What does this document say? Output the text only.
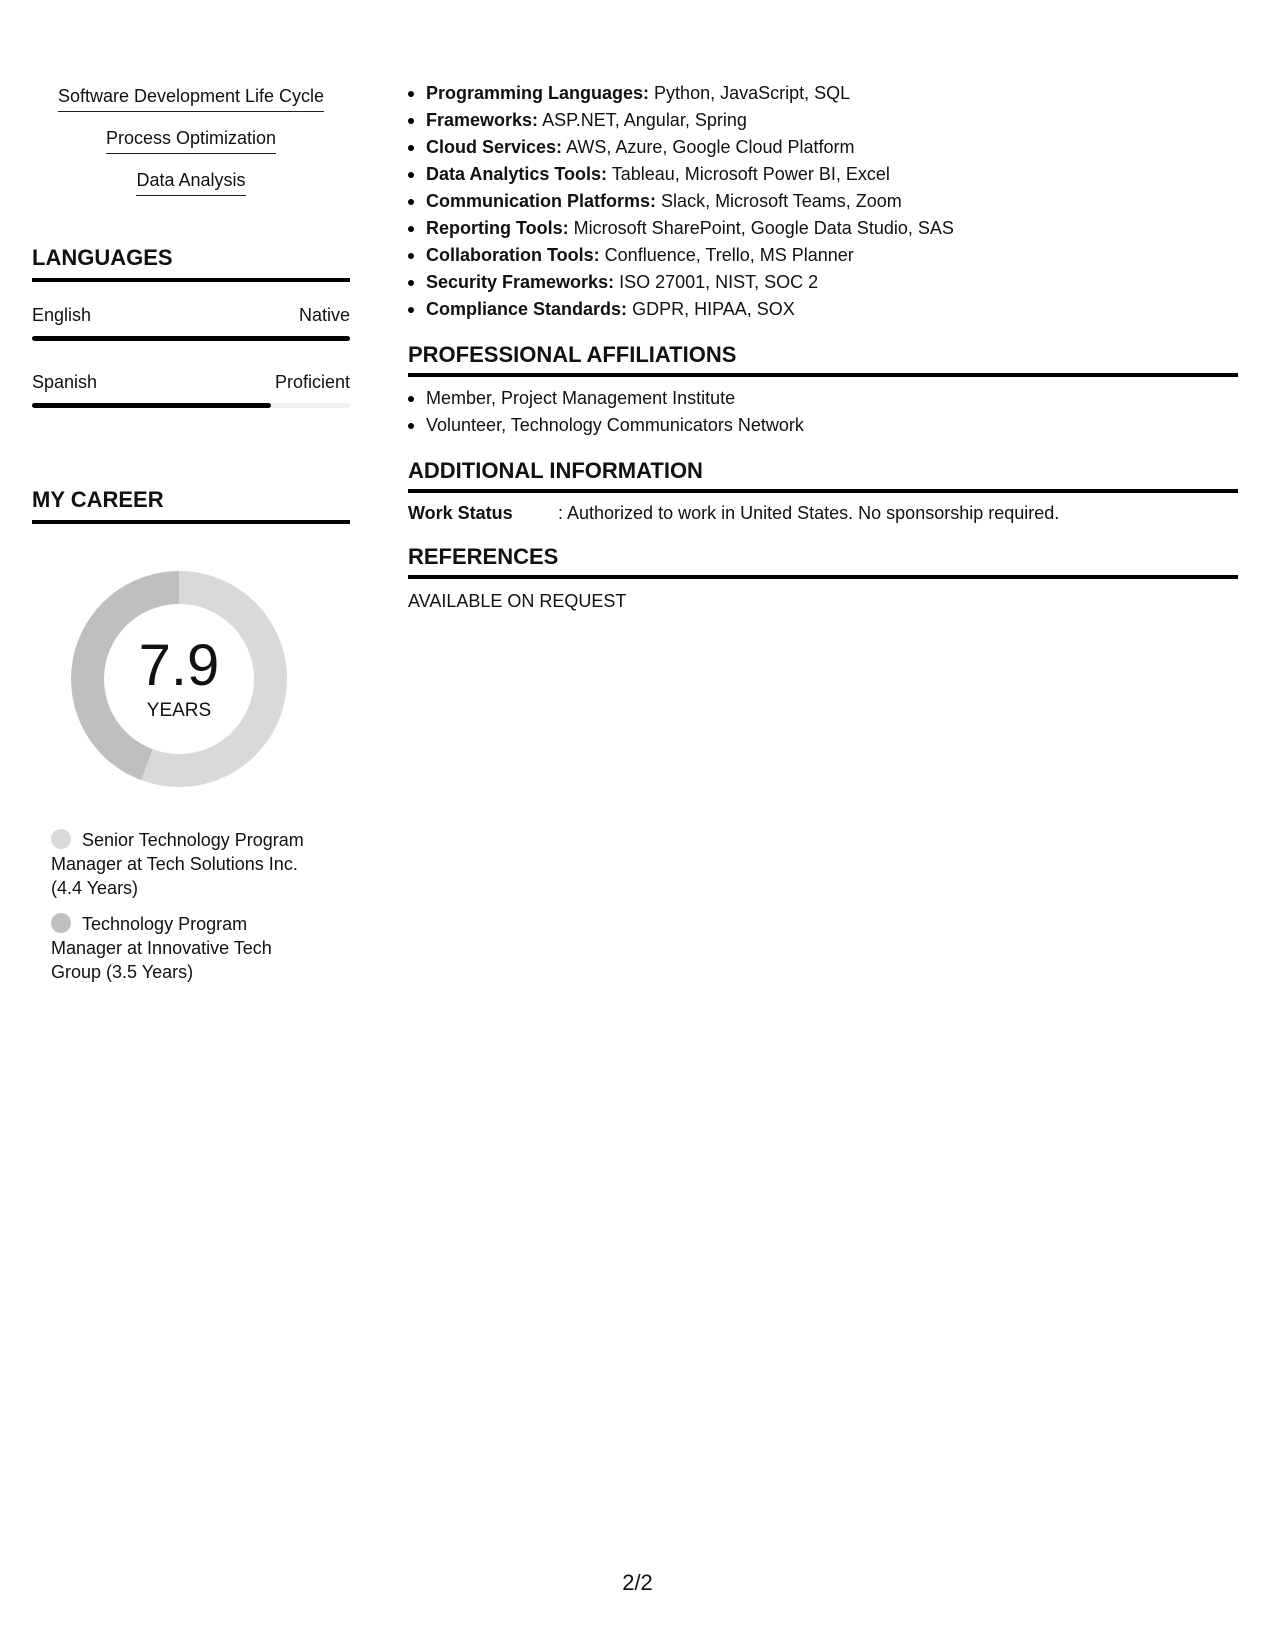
Software Development Life Cycle
Process Optimization
Data Analysis
LANGUAGES
English	Native
Spanish	Proficient
MY CAREER
7.9
YEARS
Senior Technology Program Manager at Tech Solutions Inc. (4.4 Years)
Technology Program Manager at Innovative Tech Group (3.5 Years)
Programming Languages: Python, JavaScript, SQL
Frameworks: ASP.NET, Angular, Spring
Cloud Services: AWS, Azure, Google Cloud Platform
Data Analytics Tools: Tableau, Microsoft Power BI, Excel
Communication Platforms: Slack, Microsoft Teams, Zoom
Reporting Tools: Microsoft SharePoint, Google Data Studio, SAS
Collaboration Tools: Confluence, Trello, MS Planner
Security Frameworks: ISO 27001, NIST, SOC 2
Compliance Standards: GDPR, HIPAA, SOX
PROFESSIONAL AFFILIATIONS
Member, Project Management Institute
Volunteer, Technology Communicators Network
ADDITIONAL INFORMATION
Work Status	: Authorized to work in United States. No sponsorship required.
REFERENCES
AVAILABLE ON REQUEST
2/2
